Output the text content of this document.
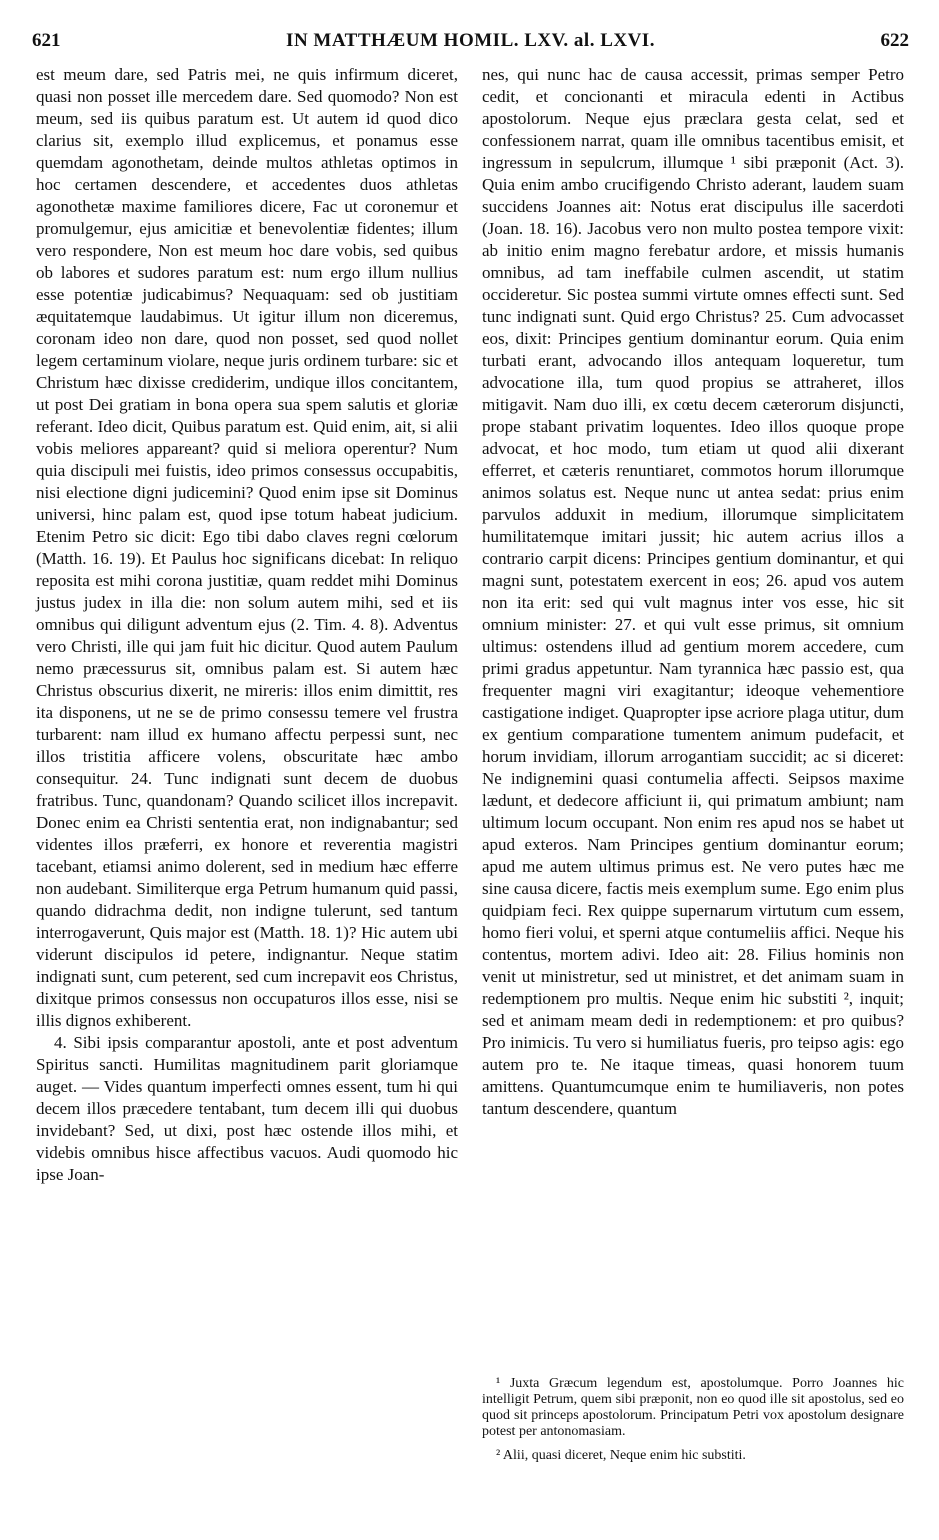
621	IN MATTHÆUM HOMIL. LXV. al. LXVI.	622

est meum dare, sed Patris mei, ne quis infirmum diceret, quasi non posset ille mercedem dare. Sed quomodo? Non est meum, sed iis quibus paratum est. Ut autem id quod dico clarius sit, exemplo illud explicemus, et ponamus esse quemdam agonothetam, deinde multos athletas optimos in hoc certamen descendere, et accedentes duos athletas agonothetæ maxime familiores dicere, Fac ut coronemur et promulgemur, ejus amicitiæ et benevolentiæ fidentes; illum vero respondere, Non est meum hoc dare vobis, sed quibus ob labores et sudores paratum est: num ergo illum nullius esse potentiæ judicabimus? Nequaquam: sed ob justitiam æquitatemque laudabimus. Ut igitur illum non diceremus, coronam ideo non dare, quod non posset, sed quod nollet legem certaminum violare, neque juris ordinem turbare: sic et Christum hæc dixisse crediderim, undique illos concitantem, ut post Dei gratiam in bona opera sua spem salutis et gloriæ referant. Ideo dicit, Quibus paratum est. Quid enim, ait, si alii vobis meliores appareant? quid si meliora operentur? Num quia discipuli mei fuistis, ideo primos consessus occupabitis, nisi electione digni judicemini? Quod enim ipse sit Dominus universi, hinc palam est, quod ipse totum habeat judicium. Etenim Petro sic dicit: Ego tibi dabo claves regni cœlorum (Matth. 16. 19). Et Paulus hoc significans dicebat: In reliquo reposita est mihi corona justitiæ, quam reddet mihi Dominus justus judex in illa die: non solum autem mihi, sed et iis omnibus qui diligunt adventum ejus (2. Tim. 4. 8). Adventus vero Christi, ille qui jam fuit hic dicitur. Quod autem Paulum nemo præcessurus sit, omnibus palam est. Si autem hæc Christus obscurius dixerit, ne mireris: illos enim dimittit, res ita disponens, ut ne se de primo consessu temere vel frustra turbarent: nam illud ex humano affectu perpessi sunt, nec illos tristitia afficere volens, obscuritate hæc ambo consequitur. 24. Tunc indignati sunt decem de duobus fratribus. Tunc, quandonam? Quando scilicet illos increpavit. Donec enim ea Christi sententia erat, non indignabantur; sed videntes illos præferri, ex honore et reverentia magistri tacebant, etiamsi animo dolerent, sed in medium hæc efferre non audebant. Similiterque erga Petrum humanum quid passi, quando didrachma dedit, non indigne tulerunt, sed tantum interrogaverunt, Quis major est (Matth. 18. 1)? Hic autem ubi viderunt discipulos id petere, indignantur. Neque statim indignati sunt, cum peterent, sed cum increpavit eos Christus, dixitque primos consessus non occupaturos illos esse, nisi se illis dignos exhiberent.

4. Sibi ipsis comparantur apostoli, ante et post adventum Spiritus sancti. Humilitas magnitudinem parit gloriamque auget. — Vides quantum imperfecti omnes essent, tum hi qui decem illos præcedere tentabant, tum decem illi qui duobus invidebant? Sed, ut dixi, post hæc ostende illos mihi, et videbis omnibus hisce affectibus vacuos. Audi quomodo hic ipse Joan-

nes, qui nunc hac de causa accessit, primas semper Petro cedit, et concionanti et miracula edenti in Actibus apostolorum. Neque ejus præclara gesta celat, sed et confessionem narrat, quam ille omnibus tacentibus emisit, et ingressum in sepulcrum, illumque ¹ sibi præponit (Act. 3). Quia enim ambo crucifigendo Christo aderant, laudem suam succidens Joannes ait: Notus erat discipulus ille sacerdoti (Joan. 18. 16). Jacobus vero non multo postea tempore vixit: ab initio enim magno ferebatur ardore, et missis humanis omnibus, ad tam ineffabile culmen ascendit, ut statim occideretur. Sic postea summi virtute omnes effecti sunt. Sed tunc indignati sunt. Quid ergo Christus? 25. Cum advocasset eos, dixit: Principes gentium dominantur eorum. Quia enim turbati erant, advocando illos antequam loqueretur, tum advocatione illa, tum quod propius se attraheret, illos mitigavit. Nam duo illi, ex cœtu decem cæterorum disjuncti, prope stabant privatim loquentes. Ideo illos quoque prope advocat, et hoc modo, tum etiam ut quod alii dixerant efferret, et cæteris renuntiaret, commotos horum illorumque animos solatus est. Neque nunc ut antea sedat: prius enim parvulos adduxit in medium, illorumque simplicitatem humilitatemque imitari jussit; hic autem acrius illos a contrario carpit dicens: Principes gentium dominantur, et qui magni sunt, potestatem exercent in eos; 26. apud vos autem non ita erit: sed qui vult magnus inter vos esse, hic sit omnium minister: 27. et qui vult esse primus, sit omnium ultimus: ostendens illud ad gentium morem accedere, cum primi gradus appetuntur. Nam tyrannica hæc passio est, qua frequenter magni viri exagitantur; ideoque vehementiore castigatione indiget. Quapropter ipse acriore plaga utitur, dum ex gentium comparatione tumentem animum pudefacit, et horum invidiam, illorum arrogantiam succidit; ac si diceret: Ne indignemini quasi contumelia affecti. Seipsos maxime lædunt, et dedecore afficiunt ii, qui primatum ambiunt; nam ultimum locum occupant. Non enim res apud nos se habet ut apud exteros. Nam Principes gentium dominantur eorum; apud me autem ultimus primus est. Ne vero putes hæc me sine causa dicere, factis meis exemplum sume. Ego enim plus quidpiam feci. Rex quippe supernarum virtutum cum essem, homo fieri volui, et sperni atque contumeliis affici. Neque his contentus, mortem adivi. Ideo ait: 28. Filius hominis non venit ut ministretur, sed ut ministret, et det animam suam in redemptionem pro multis. Neque enim hic substiti ², inquit; sed et animam meam dedi in redemptionem: et pro quibus? Pro inimicis. Tu vero si humiliatus fueris, pro teipso agis: ego autem pro te. Ne itaque timeas, quasi honorem tuum amittens. Quantumcumque enim te humiliaveris, non potes tantum descendere, quantum

¹ Juxta Græcum legendum est, apostolumque. Porro Joannes hic intelligit Petrum, quem sibi præponit, non eo quod ille sit apostolus, sed eo quod sit princeps apostolorum. Principatum Petri vox apostolum designare potest per antonomasiam.

² Alii, quasi diceret, Neque enim hic substiti.
